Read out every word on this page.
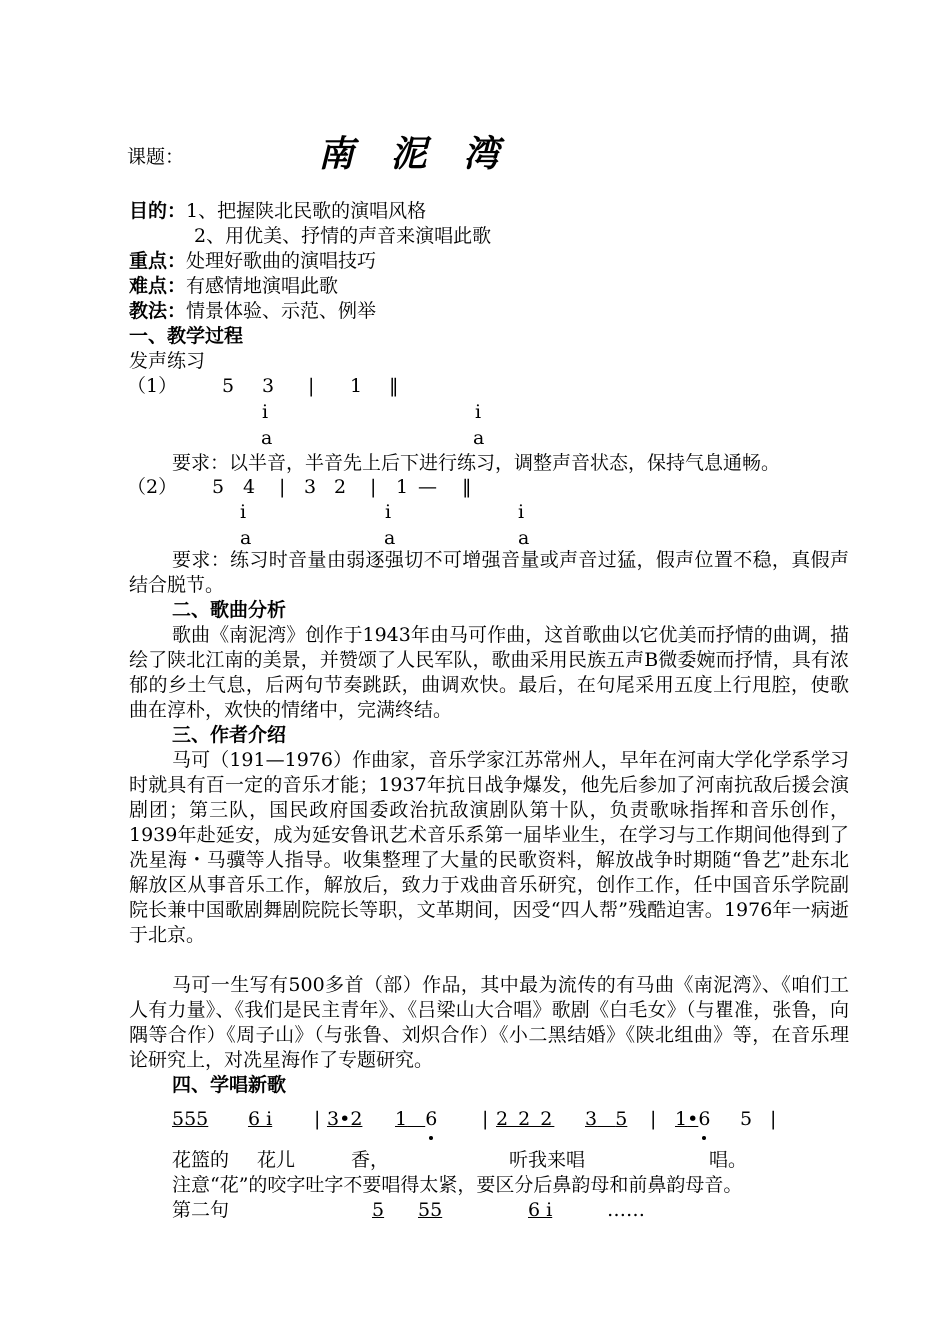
课题：	南 泥 湾
目的：1、把握陕北民歌的演唱风格
2、用优美、抒情的声音来演唱此歌
重点：处理好歌曲的演唱技巧
难点：有感情地演唱此歌
教法：情景体验、示范、例举
一、教学过程
发声练习
（1） 5 3 | 1 ‖
i	i
a	a
要求：以半音，半音先上后下进行练习，调整声音状态，保持气息通畅。
（2） 5 4 | 3 2 | 1 — ‖
i	i	i
a	a	a
要求：练习时音量由弱逐强切不可增强音量或声音过猛，假声位置不稳，真假声结合脱节。
二、歌曲分析
歌曲《南泥湾》创作于1943年由马可作曲，这首歌曲以它优美而抒情的曲调，描绘了陕北江南的美景，并赞颂了人民军队，歌曲采用民族五声B微委婉而抒情，具有浓郁的乡土气息，后两句节奏跳跃，曲调欢快。最后，在句尾采用五度上行甩腔，使歌曲在淳朴，欢快的情绪中，完满终结。
三、作者介绍
马可（191—1976）作曲家，音乐学家江苏常州人，早年在河南大学化学系学习时就具有百一定的音乐才能；1937年抗日战争爆发，他先后参加了河南抗敌后援会演剧团；第三队，国民政府国委政治抗敌演剧队第十队，负责歌咏指挥和音乐创作，1939年赴延安，成为延安鲁讯艺术音乐系第一届毕业生，在学习与工作期间他得到了冼星海・马骥等人指导。收集整理了大量的民歌资料，解放战争时期随“鲁艺”赴东北解放区从事音乐工作，解放后，致力于戏曲音乐研究，创作工作，任中国音乐学院副院长兼中国歌剧舞剧院院长等职，文革期间，因受“四人帮”残酷迫害。1976年一病逝于北京。
马可一生写有500多首（部）作品，其中最为流传的有马曲《南泥湾》、《咱们工人有力量》、《我们是民主青年》、《吕梁山大合唱》歌剧《白毛女》（与瞿准，张鲁，向隅等合作）《周子山》（与张鲁、刘炽合作）《小二黑结婚》《陕北组曲》等，在音乐理论研究上，对冼星海作了专题研究。
四、学唱新歌
555 6 i | 3•2 1 6 | 2 2 2 3 5 | 1•6 5 |
花篮的 花儿	香，	听我来唱	唱。
注意“花”的咬字吐字不要唱得太紧，要区分后鼻韵母和前鼻韵母音。
第二句	5 55	6 i	……
